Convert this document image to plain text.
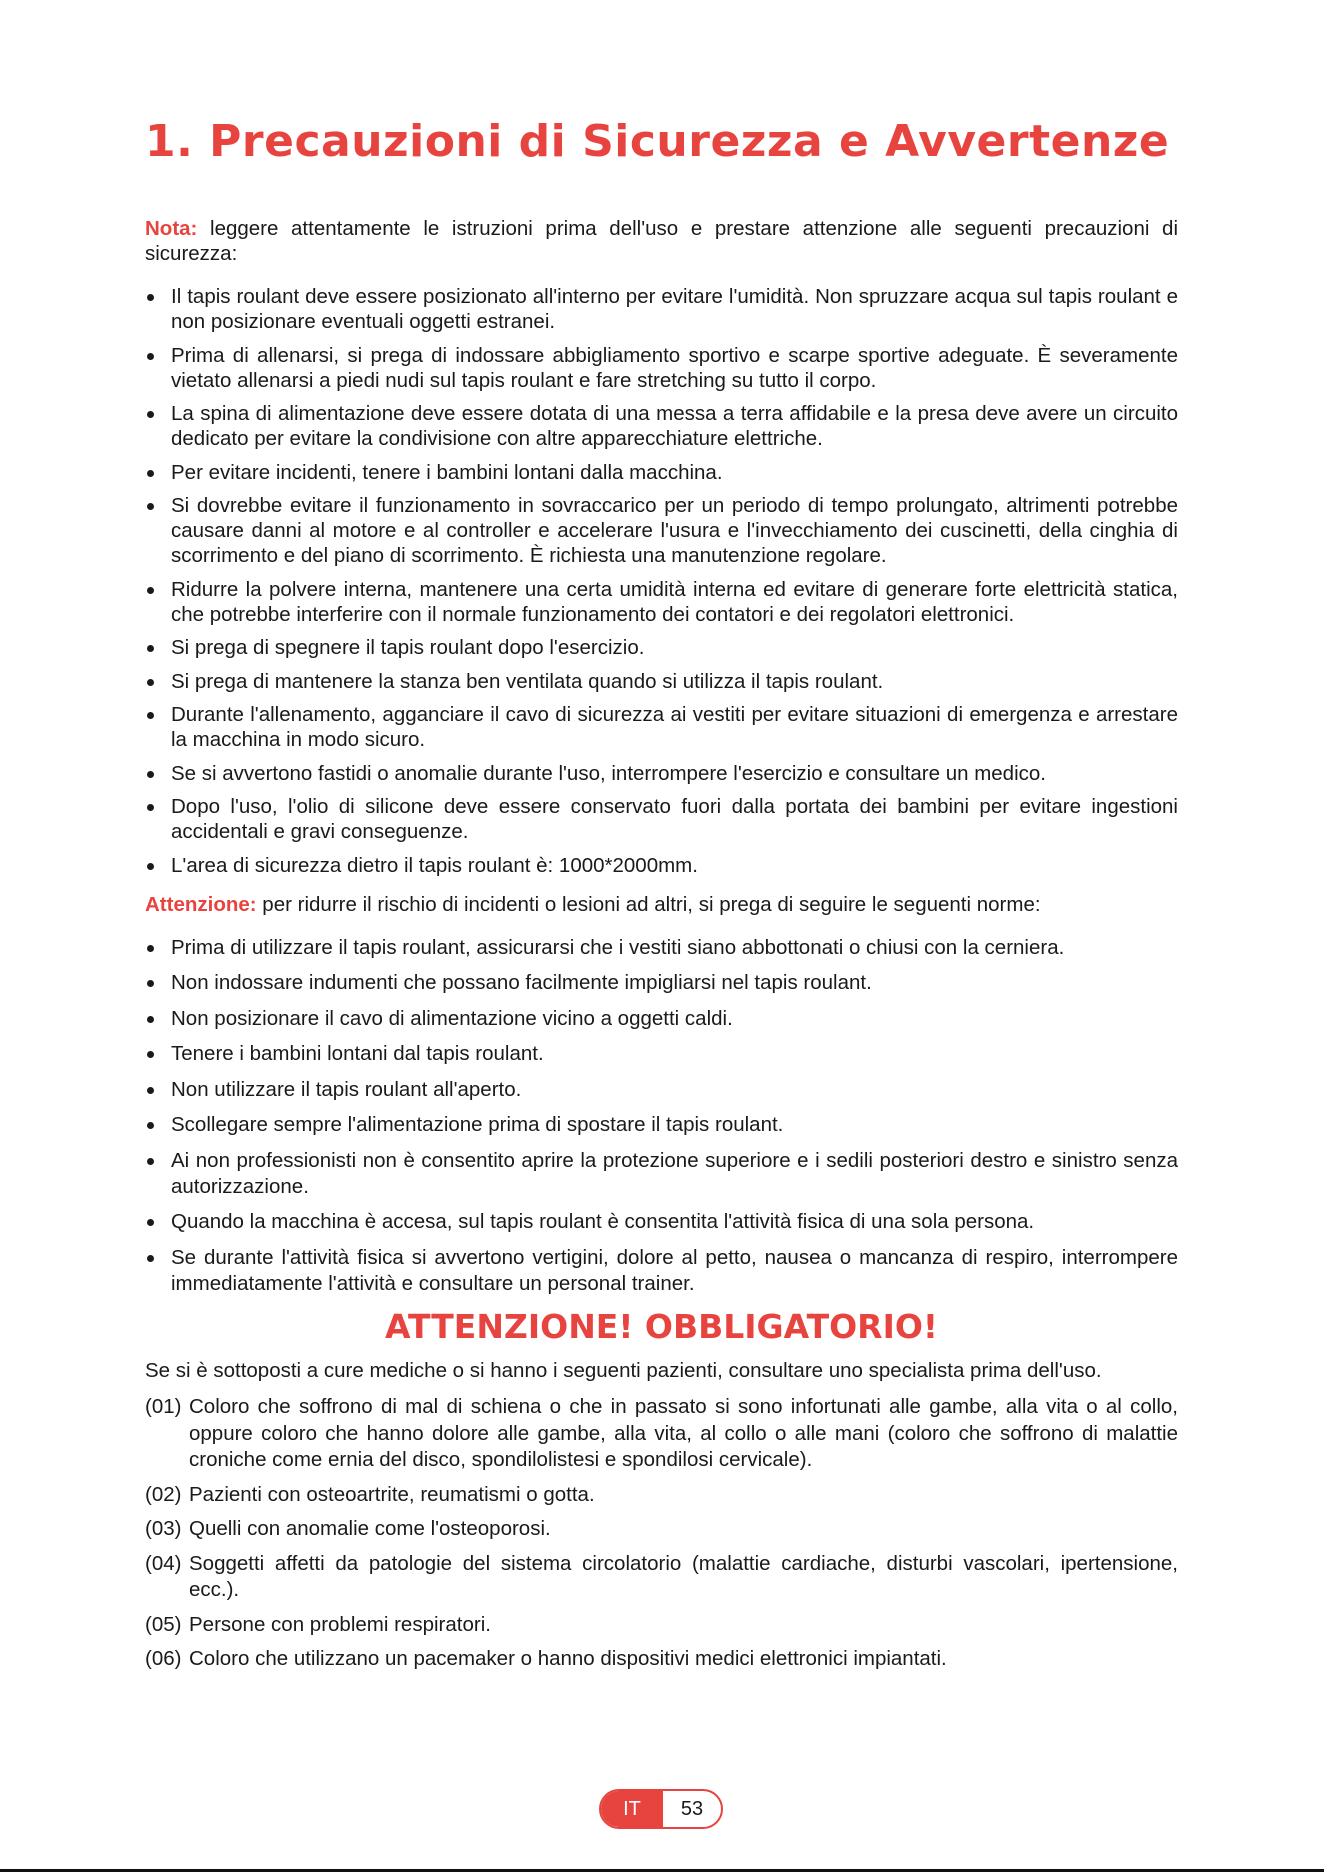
1. Precauzioni di Sicurezza e Avvertenze

Nota: leggere attentamente le istruzioni prima dell'uso e prestare attenzione alle seguenti precauzioni di sicurezza:

Il tapis roulant deve essere posizionato all'interno per evitare l'umidità. Non spruzzare acqua sul tapis roulant e non posizionare eventuali oggetti estranei.
Prima di allenarsi, si prega di indossare abbigliamento sportivo e scarpe sportive adeguate. È severamente vietato allenarsi a piedi nudi sul tapis roulant e fare stretching su tutto il corpo.
La spina di alimentazione deve essere dotata di una messa a terra affidabile e la presa deve avere un circuito dedicato per evitare la condivisione con altre apparecchiature elettriche.
Per evitare incidenti, tenere i bambini lontani dalla macchina.
Si dovrebbe evitare il funzionamento in sovraccarico per un periodo di tempo prolungato, altrimenti potrebbe causare danni al motore e al controller e accelerare l'usura e l'invecchiamento dei cuscinetti, della cinghia di scorrimento e del piano di scorrimento. È richiesta una manutenzione regolare.
Ridurre la polvere interna, mantenere una certa umidità interna ed evitare di generare forte elettricità statica, che potrebbe interferire con il normale funzionamento dei contatori e dei regolatori elettronici.
Si prega di spegnere il tapis roulant dopo l'esercizio.
Si prega di mantenere la stanza ben ventilata quando si utilizza il tapis roulant.
Durante l'allenamento, agganciare il cavo di sicurezza ai vestiti per evitare situazioni di emergenza e arrestare la macchina in modo sicuro.
Se si avvertono fastidi o anomalie durante l'uso, interrompere l'esercizio e consultare un medico.
Dopo l'uso, l'olio di silicone deve essere conservato fuori dalla portata dei bambini per evitare ingestioni accidentali e gravi conseguenze.
L'area di sicurezza dietro il tapis roulant è: 1000*2000mm.

Attenzione: per ridurre il rischio di incidenti o lesioni ad altri, si prega di seguire le seguenti norme:

Prima di utilizzare il tapis roulant, assicurarsi che i vestiti siano abbottonati o chiusi con la cerniera.
Non indossare indumenti che possano facilmente impigliarsi nel tapis roulant.
Non posizionare il cavo di alimentazione vicino a oggetti caldi.
Tenere i bambini lontani dal tapis roulant.
Non utilizzare il tapis roulant all'aperto.
Scollegare sempre l'alimentazione prima di spostare il tapis roulant.
Ai non professionisti non è consentito aprire la protezione superiore e i sedili posteriori destro e sinistro senza autorizzazione.
Quando la macchina è accesa, sul tapis roulant è consentita l'attività fisica di una sola persona.
Se durante l'attività fisica si avvertono vertigini, dolore al petto, nausea o mancanza di respiro, interrompere immediatamente l'attività e consultare un personal trainer.
ATTENZIONE! OBBLIGATORIO!

Se si è sottoposti a cure mediche o si hanno i seguenti pazienti, consultare uno specialista prima dell'uso.

(01) Coloro che soffrono di mal di schiena o che in passato si sono infortunati alle gambe, alla vita o al collo, oppure coloro che hanno dolore alle gambe, alla vita, al collo o alle mani (coloro che soffrono di malattie croniche come ernia del disco, spondilolistesi e spondilosi cervicale).
(02) Pazienti con osteoartrite, reumatismi o gotta.
(03) Quelli con anomalie come l'osteoporosi.
(04) Soggetti affetti da patologie del sistema circolatorio (malattie cardiache, disturbi vascolari, ipertensione, ecc.).
(05) Persone con problemi respiratori.
(06) Coloro che utilizzano un pacemaker o hanno dispositivi medici elettronici impiantati.
IT	53
